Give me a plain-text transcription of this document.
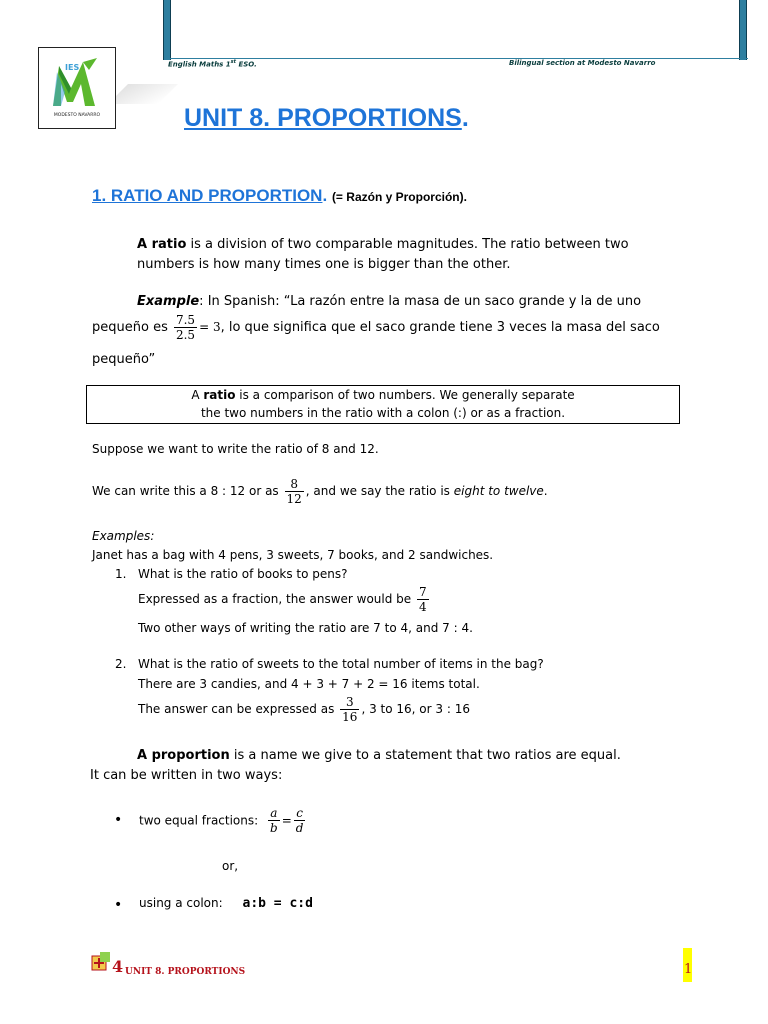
IES
MODESTO NAVARRO
English Maths 1st ESO.	Bilingual section at Modesto Navarro
UNIT 8. PROPORTIONS.
1. RATIO AND PROPORTION. (= Razón y Proporción).
A ratio is a division of two comparable magnitudes. The ratio between two
numbers is how many times one is bigger than the other.
Example: In Spanish: “La razón entre la masa de un saco grande y la de uno
pequeño es $\frac{7.5}{2.5} = 3$, lo que significa que el saco grande tiene 3 veces la masa del saco
pequeño”
A ratio is a comparison of two numbers. We generally separate
the two numbers in the ratio with a colon (:) or as a fraction.
Suppose we want to write the ratio of 8 and 12.
We can write this a 8 : 12 or as $\frac{8}{12}$ , and we say the ratio is eight to twelve.
Examples:
Janet has a bag with 4 pens, 3 sweets, 7 books, and 2 sandwiches.
1. What is the ratio of books to pens?
Expressed as a fraction, the answer would be $\frac{7}{4}$
Two other ways of writing the ratio are 7 to 4, and 7 : 4.
2. What is the ratio of sweets to the total number of items in the bag?
There are 3 candies, and 4 + 3 + 7 + 2 = 16 items total.
The answer can be expressed as $\frac{3}{16}$ , 3 to 16, or 3 : 16
A proportion is a name we give to a statement that two ratios are equal.
It can be written in two ways:
• two equal fractions: $\frac{a}{b} = \frac{c}{d}$
or,
• using a colon: a:b = c:d
4 UNIT 8. PROPORTIONS	1
